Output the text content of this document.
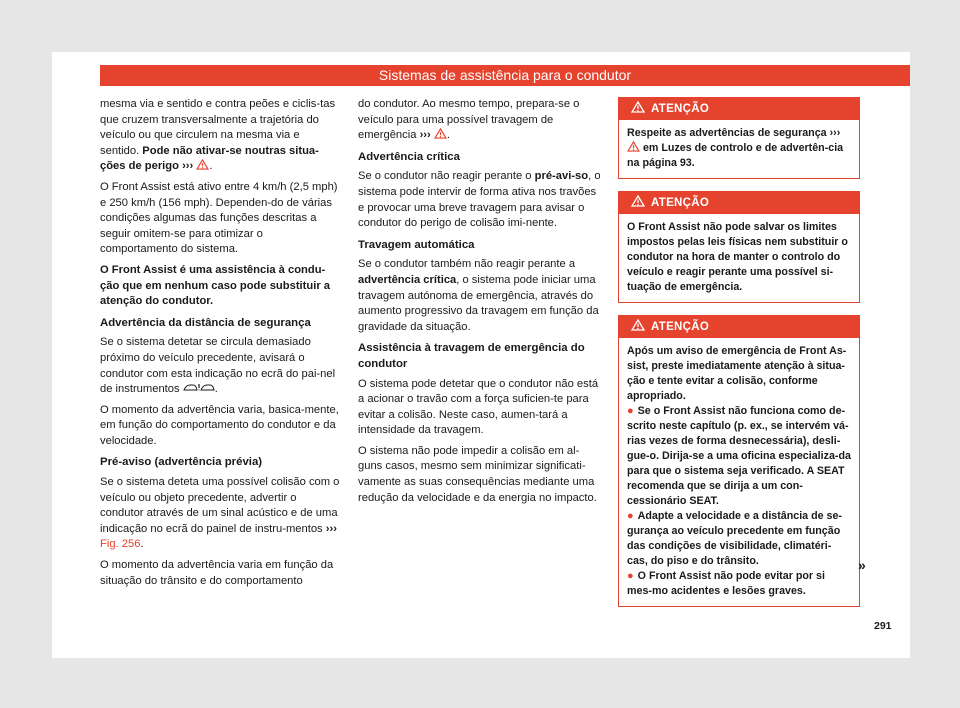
Sistemas de assistência para o condutor

mesma via e sentido e contra peões e ciclis-tas que cruzem transversalmente a trajetória do veículo ou que circulem na mesma via e sentido. Pode não ativar-se noutras situa-ções de perigo ››› .

O Front Assist está ativo entre 4 km/h (2,5 mph) e 250 km/h (156 mph). Dependen-do de várias condições algumas das funções descritas a seguir omitem-se para otimizar o comportamento do sistema.

O Front Assist é uma assistência à condu-ção que em nenhum caso pode substituir a atenção do condutor.

Advertência da distância de segurança

Se o sistema detetar se circula demasiado próximo do veículo precedente, avisará o condutor com esta indicação no ecrã do pai-nel de instrumentos	.

O momento da advertência varia, basica-mente, em função do comportamento do condutor e da velocidade.

Pré-aviso (advertência prévia)

Se o sistema deteta uma possível colisão com o veículo ou objeto precedente, advertir o condutor através de um sinal acústico e de uma indicação no ecrã do painel de instru-mentos ››› Fig. 256.

O momento da advertência varia em função da situação do trânsito e do comportamento

do condutor. Ao mesmo tempo, prepara-se o veículo para uma possível travagem de emergência ››› .

Advertência crítica

Se o condutor não reagir perante o pré-avi-so, o sistema pode intervir de forma ativa nos travões e provocar uma breve travagem para avisar o condutor do perigo de colisão imi-nente.

Travagem automática

Se o condutor também não reagir perante a advertência crítica, o sistema pode iniciar uma travagem autónoma de emergência, através do aumento progressivo da travagem em função da gravidade da situação.

Assistência à travagem de emergência do condutor

O sistema pode detetar que o condutor não está a acionar o travão com a força suficien-te para evitar a colisão. Neste caso, aumen-tará a intensidade da travagem.

O sistema não pode impedir a colisão em al-guns casos, mesmo sem minimizar significati-vamente as suas consequências mediante uma redução da velocidade e da energia no impacto.

ATENÇÃO

Respeite as advertências de segurança ›››  em Luzes de controlo e de advertên-cia na página 93.

ATENÇÃO

O Front Assist não pode salvar os limites impostos pelas leis físicas nem substituir o condutor na hora de manter o controlo do veículo e reagir perante uma possível si-tuação de emergência.

ATENÇÃO

Após um aviso de emergência de Front As-sist, preste imediatamente atenção à situa-ção e tente evitar a colisão, conforme apropriado.

● Se o Front Assist não funciona como de-scrito neste capítulo (p. ex., se intervém vá-rias vezes de forma desnecessária), desli-gue-o. Dirija-se a uma oficina especializa-da para que o sistema seja verificado. A SEAT recomenda que se dirija a um con-cessionário SEAT.

● Adapte a velocidade e a distância de se-gurança ao veículo precedente em função das condições de visibilidade, climatéri-cas, do piso e do trânsito.

● O Front Assist não pode evitar por si mes-mo acidentes e lesões graves.

»
291
